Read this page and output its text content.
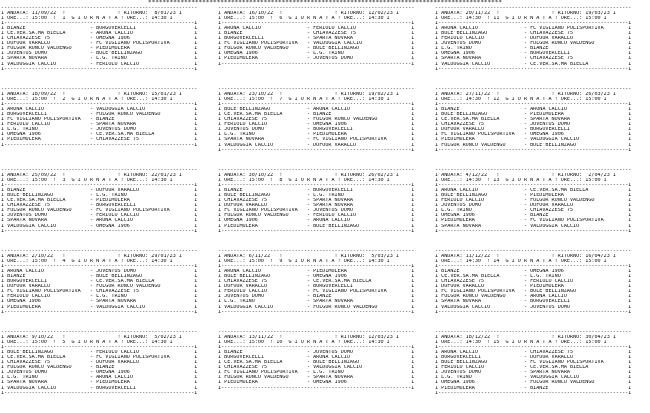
**************************************************************************************************
----------------------------------------------------------------
I ANDATA: 11/09/22  !                 ! RITORNO:  8/01/23 I
I ORE...: 15:00  !  1  G I O R N A T A ! ORE...: 14:30 I
I--------------------------------------------------------------I
I BIANZE                     - BORGOVERCELLI                   I
I CE.VER.SA.MA BIELLA        - ARONA CALCIO                    I
I CHIAVAZZESE 75             - OMEGNA 1906                     I
I DUFOUR VARALLO             - FC VIGLIANO POLISPORTIVA        I
I FULGOR RONCO VALDENGO      - PIEDIMULERA                     I
I JUVENTUS DOMO              - BULE'BELLINZAGO                 I
I SPARTA NOVARA              - L.G. TRINO                      I
I VALDUGGIA CALCIO           - FERIOLO CALCIO                  I
I--------------------------------------------------------------I
----------------------------------------------------------------
I ANDATA: 18/09/22  !                 ! RITORNO: 15/01/23 I
I ORE...: 15:00  !  2  G I O R N A T A ! ORE...: 14:30 I
I--------------------------------------------------------------I
I ARONA CALCIO               - VALDUGGIA CALCIO                I
I BORGOVERCELLI              - FULGOR RONCO VALDENGO           I
I FC VIGLIANO POLISPORTIVA   - BIANZE                          I
I FERIOLO CALCIO             - SPARTA NOVARA                   I
I L.G. TRINO                 - JUVENTUS DOMO                   I
I OMEGNA 1906                - CE.VER.SA.MA BIELLA             I
I PIEDIMULERA                - CHIAVAZZESE 75                  I
I--------------------------------------------------------------I
----------------------------------------------------------------
I ANDATA: 25/09/22  !                 ! RITORNO: 22/01/23 I
I ORE...: 15:00  !  3  G I O R N A T A ! ORE...: 14:30 I
I--------------------------------------------------------------I
I BIANZE                     - DUFOUR VARALLO                  I
I BULE'BELLINZAGO            - L.G. TRINO                      I
I CE.VER.SA.MA BIELLA        - PIEDIMULERA                     I
I CHIAVAZZESE 75             - BORGOVERCELLI                   I
I FULGOR RONCO VALDENGO      - FC VIGLIANO POLISPORTIVA        I
I JUVENTUS DOMO              - FERIOLO CALCIO                  I
I SPARTA NOVARA              - ARONA CALCIO                    I
I VALDUGGIA CALCIO           - OMEGNA 1906                     I
I--------------------------------------------------------------I
----------------------------------------------------------------
I ANDATA: 2/10/22   !                 ! RITORNO: 29/01/23 I
I ORE...: 15:00  !  4  G I O R N A T A ! ORE...: 14:30 I
I--------------------------------------------------------------I
I ARONA CALCIO               - JUVENTUS DOMO                   I
I BIANZE                     - BULE'BELLINZAGO                 I
I BORGOVERCELLI              - CE.VER.SA.MA BIELLA             I
I DUFOUR VARALLO             - FULGOR RONCO VALDENGO           I
I FC VIGLIANO POLISPORTIVA   - CHIAVAZZESE 75                  I
I FERIOLO CALCIO             - L.G. TRINO                      I
I OMEGNA 1906                - SPARTA NOVARA                   I
I PIEDIMULERA                - VALDUGGIA CALCIO                I
I--------------------------------------------------------------I
----------------------------------------------------------------
I ANDATA: 9/10/22   !                 ! RITORNO:  5/02/23 I
I ORE...: 15:00  !  5  G I O R N A T A ! ORE...: 14:30 I
I--------------------------------------------------------------I
I BULE'BELLINZAGO            - FERIOLO CALCIO                  I
I CE.VER.SA.MA BIELLA        - FC VIGLIANO POLISPORTIVA        I
I CHIAVAZZESE 75             - DUFOUR VARALLO                  I
I FULGOR RONCO VALDENGO      - BIANZE                          I
I JUVENTUS DOMO              - OMEGNA 1906                     I
I L.G. TRINO                 - ARONA CALCIO                    I
I SPARTA NOVARA              - PIEDIMULERA                     I
I VALDUGGIA CALCIO           - BORGOVERCELLI                   I
I--------------------------------------------------------------I
----------------------------------------------------------------
I ANDATA: 16/10/22  !                 ! RITORNO: 12/02/23 I
I ORE...: 15:00  !  6  G I O R N A T A ! ORE...: 14:30 I
I--------------------------------------------------------------I
I ARONA CALCIO               - FERIOLO CALCIO                  I
I BIANZE                     - CHIAVAZZESE 75                  I
I BORGOVERCELLI              - SPARTA NOVARA                   I
I FC VIGLIANO POLISPORTIVA   - VALDUGGIA CALCIO                I
I FULGOR RONCO VALDENGO      - BULE'BELLINZAGO                 I
I OMEGNA 1906                - L.G. TRINO                      I
I PIEDIMULERA                - JUVENTUS DOMO                   I
I--------------------------------------------------------------I
----------------------------------------------------------------
I ANDATA: 23/10/22  !                 ! RITORNO: 19/02/23 I
I ORE...: 15:00  !  7  G I O R N A T A ! ORE...: 14:30 I
I--------------------------------------------------------------I
I BULE'BELLINZAGO            - ARONA CALCIO                    I
I CE.VER.SA.MA BIELLA        - BIANZE                          I
I CHIAVAZZESE 75             - FULGOR RONCO VALDENGO           I
I FERIOLO CALCIO             - OMEGNA 1906                     I
I JUVENTUS DOMO              - BORGOVERCELLI                   I
I L.G. TRINO                 - PIEDIMULERA                     I
I SPARTA NOVARA              - FC VIGLIANO POLISPORTIVA        I
I VALDUGGIA CALCIO           - DUFOUR VARALLO                  I
I--------------------------------------------------------------I
----------------------------------------------------------------
I ANDATA: 30/10/22  !                 ! RITORNO: 26/02/23 I
I ORE...: 15:00  !  8  G I O R N A T A ! ORE...: 14:30 I
I--------------------------------------------------------------I
I BIANZE                     - BORGOVERCELLI                   I
I BULE'BELLINZAGO            - L.G. TRINO                      I
I CHIAVAZZESE 75             - SPARTA NOVARA                   I
I DUFOUR VARALLO             - SPARTA NOVARA                   I
I FC VIGLIANO POLISPORTIVA   - JUVENTUS DOMO                   I
I FULGOR RONCO VALDENGO      - FERIOLO CALCIO                  I
I OMEGNA 1906                - ARONA CALCIO                    I
I PIEDIMULERA                - BULE'BELLINZAGO                 I
I--------------------------------------------------------------I
----------------------------------------------------------------
I ANDATA: 6/11/22   !                 ! RITORNO:  5/03/23 I
I ORE...: 15:00  !  9  G I O R N A T A ! ORE...: 14:30 I
I--------------------------------------------------------------I
I ARONA CALCIO               - PIEDIMULERA                     I
I BULE'BELLINZAGO            - OMEGNA 1906                     I
I CHIAVAZZESE 75             - CE.VER.SA.MA BIELLA             I
I DUFOUR VARALLO             - BORGOVERCELLI                   I
I FERIOLO CALCIO             - FC VIGLIANO POLISPORTIVA        I
I JUVENTUS DOMO              - BIANZE                          I
I L.G. TRINO                 - SPARTA NOVARA                   I
I VALDUGGIA CALCIO           - FULGOR RONCO VALDENGO           I
I--------------------------------------------------------------I
----------------------------------------------------------------
I ANDATA: 13/11/22  !                 ! RITORNO: 12/03/23 I
I ORE...: 15:00  ! 10  G I O R N A T A ! ORE...: 14:30 I
I--------------------------------------------------------------I
I BIANZE                     - JUVENTUS DOMO                   I
I BORGOVERCELLI              - ARONA CALCIO                    I
I CE.VER.SA.MA BIELLA        - BULE'BELLINZAGO                 I
I CHIAVAZZESE 75             - VALDUGGIA CALCIO                I
I FC VIGLIANO POLISPORTIVA   - L.G. TRINO                      I
I FULGOR RONCO VALDENGO      - SPARTA NOVARA                   I
I PIEDIMULERA                - OMEGNA 1906                     I
I--------------------------------------------------------------I
----------------------------------------------------------------
I ANDATA: 20/11/22  !                 ! RITORNO: 19/03/23 I
I ORE...: 14:30  ! 11  G I O R N A T A ! ORE...: 15:00 I
I--------------------------------------------------------------I
I ARONA CALCIO               - FC VIGLIANO POLISPORTIVA        I
I BULE'BELLINZAGO            - CHIAVAZZESE 75                  I
I FERIOLO CALCIO             - DUFOUR VARALLO                  I
I JUVENTUS DOMO              - FULGOR RONCO VALDENGO           I
I L.G. TRINO                 - BIANZE                          I
I OMEGNA 1906                - BORGOVERCELLI                   I
I SPARTA NOVARA              - CHIAVAZZESE 75                  I
I VALDUGGIA CALCIO           - CE.VER.SA.MA BIELLA             I
I--------------------------------------------------------------I
----------------------------------------------------------------
I ANDATA: 27/11/22  !                 ! RITORNO: 26/03/23 I
I ORE...: 14:30  ! 12  G I O R N A T A ! ORE...: 15:00 I
I--------------------------------------------------------------I
I BIANZE                     - ARONA CALCIO                    I
I BULE'BELLINZAGO            - PIEDIMULERA                     I
I CE.VER.SA.MA BIELLA        - SPARTA NOVARA                   I
I CHIAVAZZESE 75             - JUVENTUS DOMO                   I
I DUFOUR VARALLO             - BORGOVERCELLI                   I
I FC VIGLIANO POLISPORTIVA   - OMEGNA 1906                     I
I PIEDIMULERA                - VALDUGGIA CALCIO                I
I FULGOR RONCO VALDENGO      - BULE'BELLINZAGO                 I
I--------------------------------------------------------------I
----------------------------------------------------------------
I ANDATA: 4/12/22   !                 ! RITORNO:  2/04/23 I
I ORE...: 14:30  ! 13  G I O R N A T A ! ORE...: 15:00 I
I--------------------------------------------------------------I
I ARONA CALCIO               - CE.VER.SA.MA BIELLA             I
I BULE'BELLINZAGO            - PIEDIMULERA                     I
I FERIOLO CALCIO             - FULGOR RONCO VALDENGO           I
I JUVENTUS DOMO              - DUFOUR VARALLO                  I
I L.G. TRINO                 - CHIAVAZZESE 75                  I
I OMEGNA 1906                - BIANZE                          I
I PIEDIMULERA                - FC VIGLIANO POLISPORTIVA        I
I SPARTA NOVARA              - VALDUGGIA CALCIO                I
I--------------------------------------------------------------I
----------------------------------------------------------------
I ANDATA: 11/12/22  !                 ! RITORNO: 16/04/23 I
I ORE...: 14:30  ! 14  G I O R N A T A ! ORE...: 15:00 I
I--------------------------------------------------------------I
I BIANZE                     - OMEGNA 1906                     I
I CE.VER.SA.MA BIELLA        - L.G. TRINO                      I
I CHIAVAZZESE 75             - FERIOLO CALCIO                  I
I DUFOUR VARALLO             - PIEDIMULERA                     I
I FC VIGLIANO POLISPORTIVA   - BULE'BELLINZAGO                 I
I FULGOR RONCO VALDENGO      - ARONA CALCIO                    I
I SPARTA NOVARA              - BORGOVERCELLI                   I
I VALDUGGIA CALCIO           - JUVENTUS DOMO                   I
I--------------------------------------------------------------I
----------------------------------------------------------------
I ANDATA: 18/12/22  !                 ! RITORNO: 30/04/23 I
I ORE...: 14:30  ! 15  G I O R N A T A ! ORE...: 15:00 I
I--------------------------------------------------------------I
I ARONA CALCIO               - CHIAVAZZESE 75                  I
I BORGOVERCELLI              - DUFOUR VARALLO                  I
I BULE'BELLINZAGO            - FC VIGLIANO POLISPORTIVA        I
I FERIOLO CALCIO             - CE.VER.SA.MA BIELLA             I
I JUVENTUS DOMO              - SPARTA NOVARA                   I
I L.G. TRINO                 - VALDUGGIA CALCIO                I
I OMEGNA 1906                - FULGOR RONCO VALDENGO           I
I PIEDIMULERA                - BIANZE                          I
I--------------------------------------------------------------I
